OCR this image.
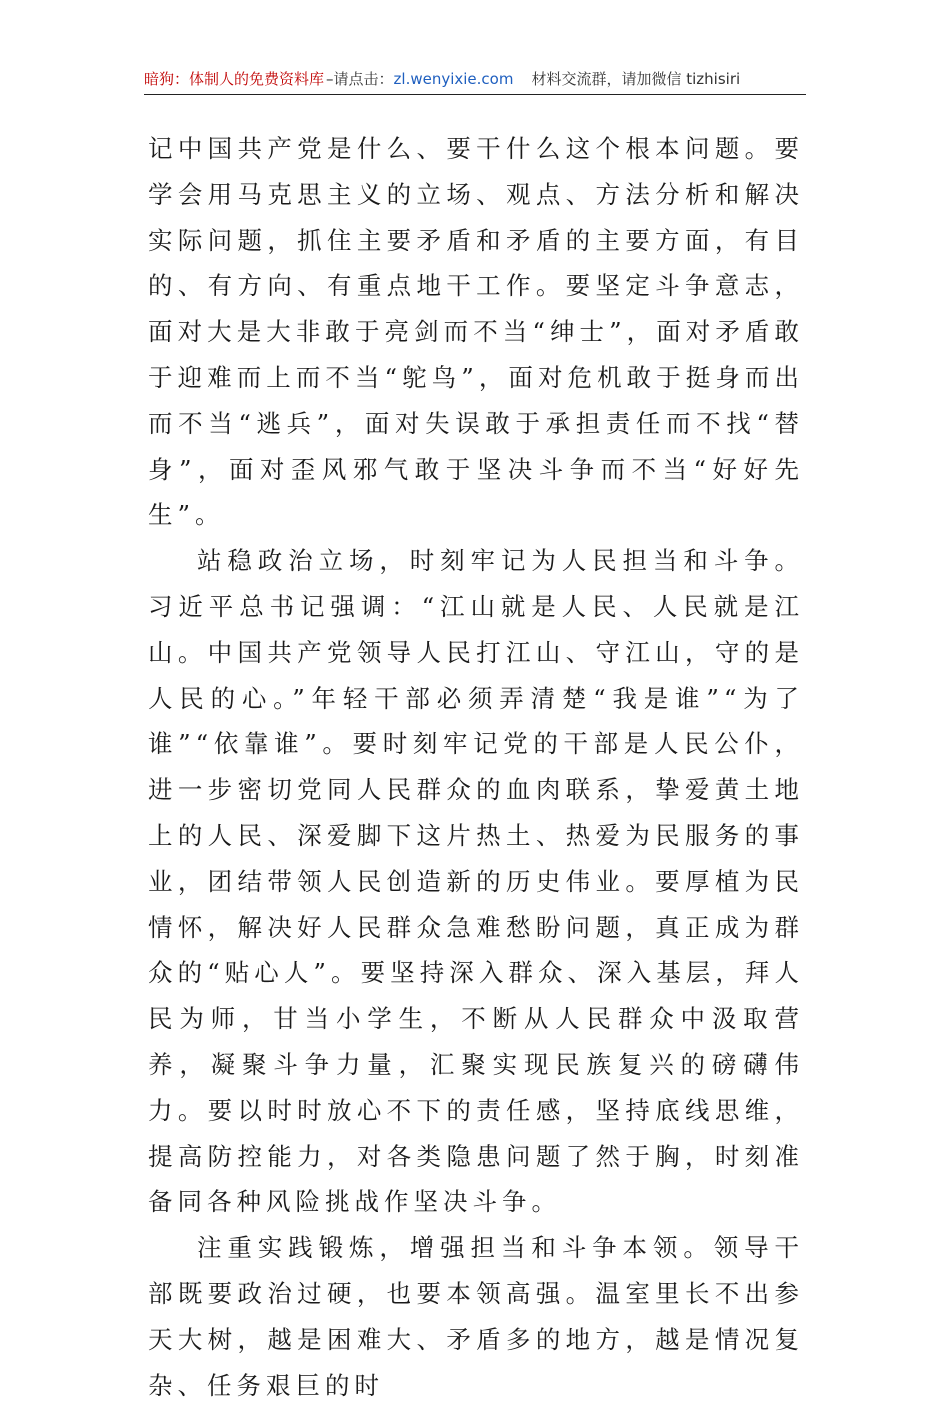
暗狗：体制人的免费资料库 –请点击：zl.wenyixie.com 材料交流群，请加微信 tizhisiri

记中国共产党是什么、要干什么这个根本问题。要学会用马克思主义的立场、观点、方法分析和解决实际问题，抓住主要矛盾和矛盾的主要方面，有目的、有方向、有重点地干工作。要坚定斗争意志，面对大是大非敢于亮剑而不当“绅士”，面对矛盾敢于迎难而上而不当“鸵鸟”，面对危机敢于挺身而出而不当“逃兵”，面对失误敢于承担责任而不找“替身”，面对歪风邪气敢于坚决斗争而不当“好好先生”。

站稳政治立场，时刻牢记为人民担当和斗争。习近平总书记强调：“江山就是人民、人民就是江山。中国共产党领导人民打江山、守江山，守的是人民的心。”年轻干部必须弄清楚“我是谁”“为了谁”“依靠谁”。要时刻牢记党的干部是人民公仆，进一步密切党同人民群众的血肉联系，挚爱黄土地上的人民、深爱脚下这片热土、热爱为民服务的事业，团结带领人民创造新的历史伟业。要厚植为民情怀，解决好人民群众急难愁盼问题，真正成为群众的“贴心人”。要坚持深入群众、深入基层，拜人民为师，甘当小学生，不断从人民群众中汲取营养，凝聚斗争力量，汇聚实现民族复兴的磅礴伟力。要以时时放心不下的责任感，坚持底线思维，提高防控能力，对各类隐患问题了然于胸，时刻准备同各种风险挑战作坚决斗争。

注重实践锻炼，增强担当和斗争本领。领导干部既要政治过硬，也要本领高强。温室里长不出参天大树，越是困难大、矛盾多的地方，越是情况复杂、任务艰巨的时
